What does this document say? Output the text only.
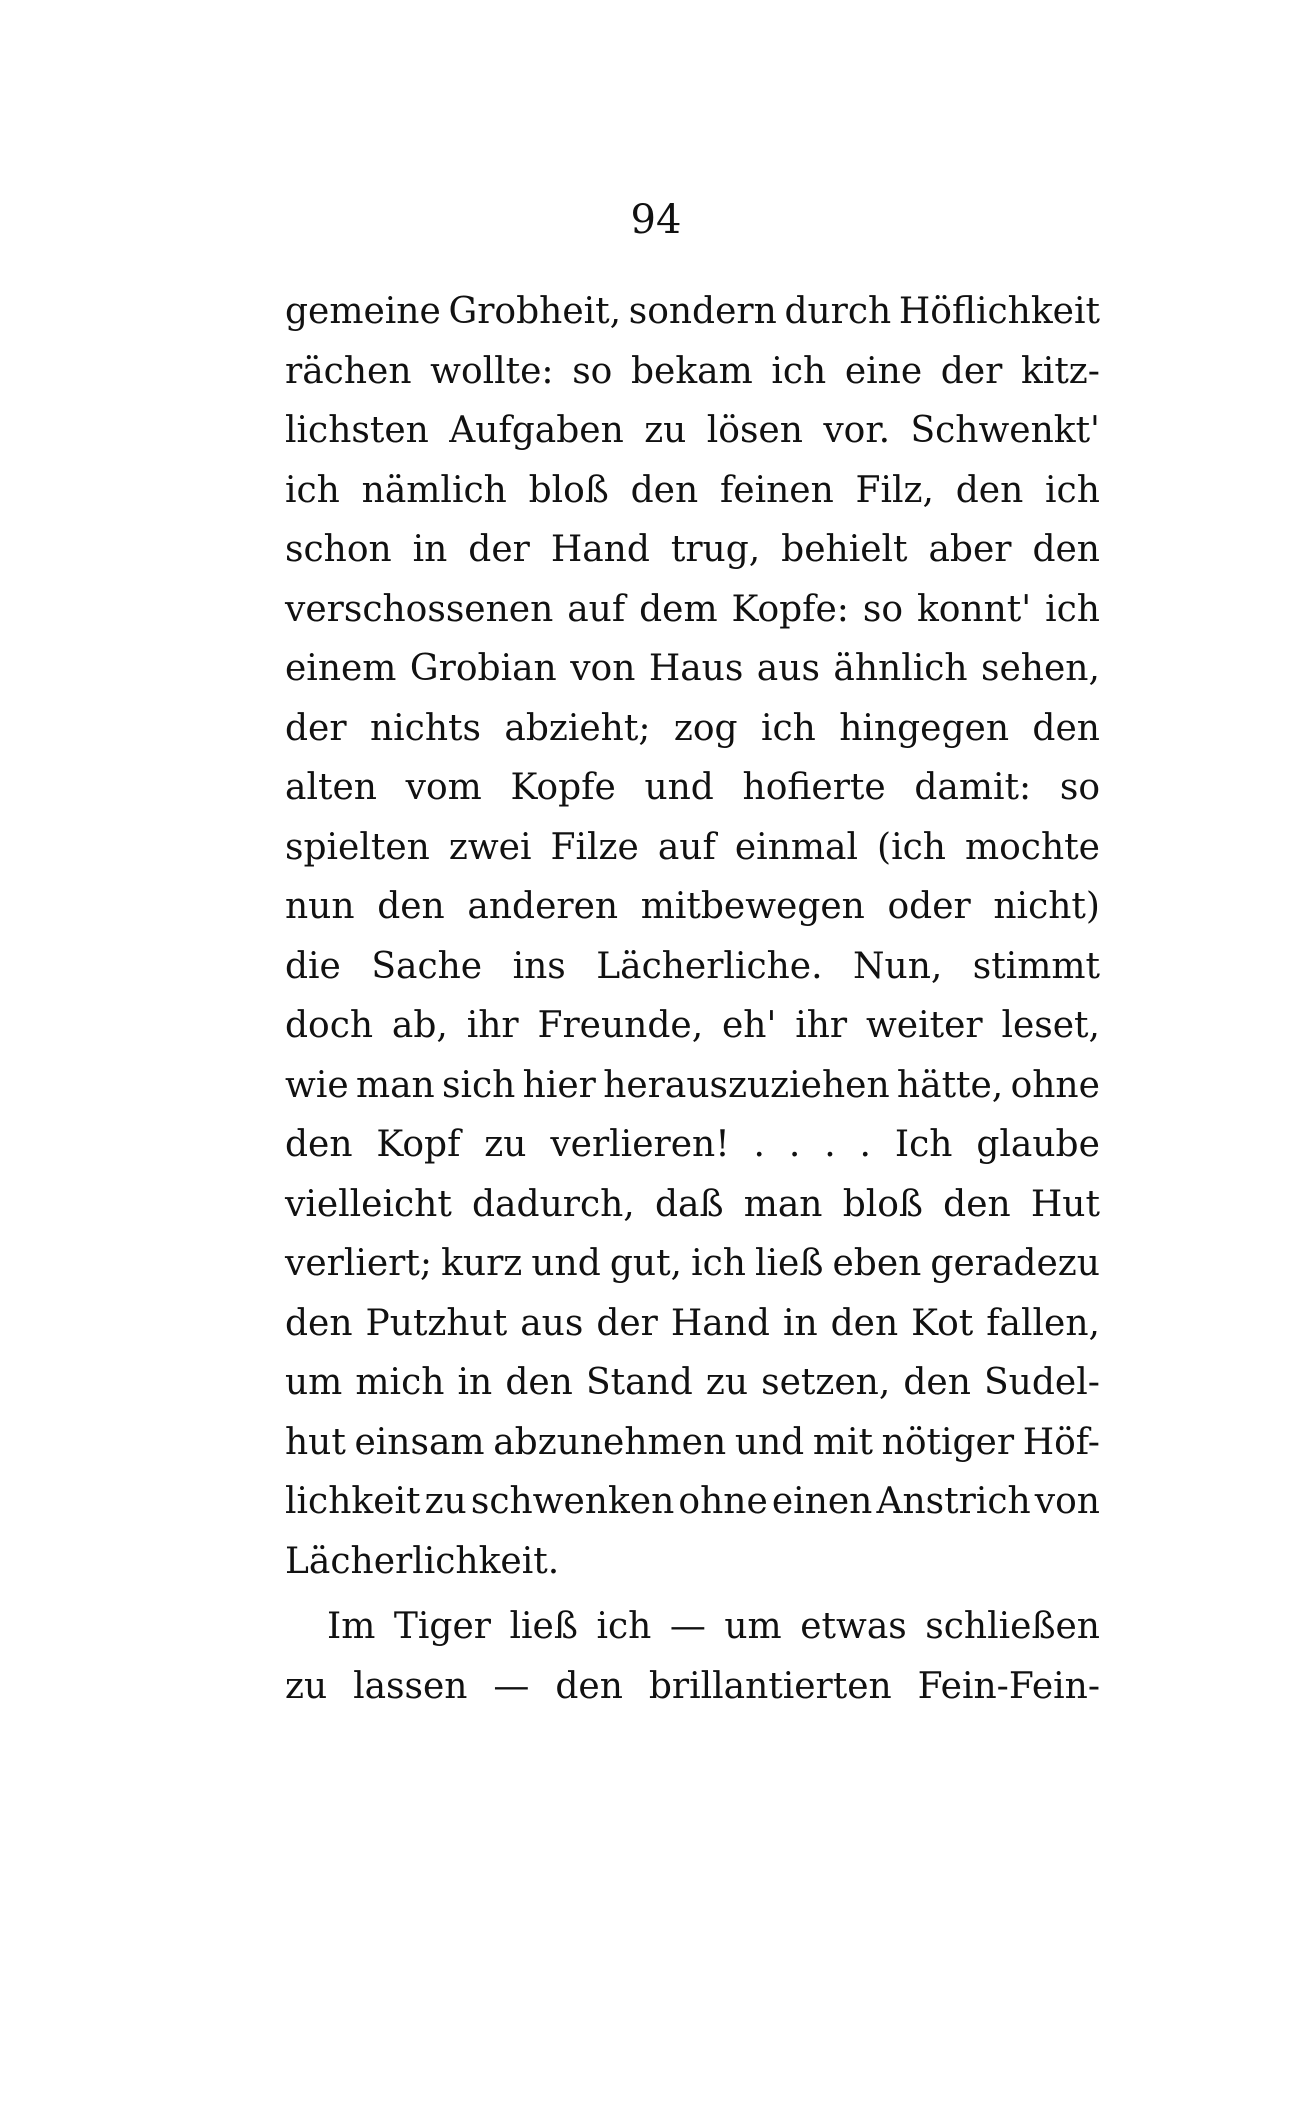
94
gemeine Grobheit, sondern durch Höflichkeit
rächen wollte: so bekam ich eine der kitz-
lichsten Aufgaben zu lösen vor. Schwenkt'
ich nämlich bloß den feinen Filz, den ich
schon in der Hand trug, behielt aber den
verschossenen auf dem Kopfe: so konnt' ich
einem Grobian von Haus aus ähnlich sehen,
der nichts abzieht; zog ich hingegen den
alten vom Kopfe und hofierte damit: so
spielten zwei Filze auf einmal (ich mochte
nun den anderen mitbewegen oder nicht)
die Sache ins Lächerliche. Nun, stimmt
doch ab, ihr Freunde, eh' ihr weiter leset,
wie man sich hier herauszuziehen hätte, ohne
den Kopf zu verlieren! . . . . Ich glaube
vielleicht dadurch, daß man bloß den Hut
verliert; kurz und gut, ich ließ eben geradezu
den Putzhut aus der Hand in den Kot fallen,
um mich in den Stand zu setzen, den Sudel-
hut einsam abzunehmen und mit nötiger Höf-
lichkeit zu schwenken ohne einen Anstrich von
Lächerlichkeit.
Im Tiger ließ ich — um etwas schließen
zu lassen — den brillantierten Fein-Fein-
